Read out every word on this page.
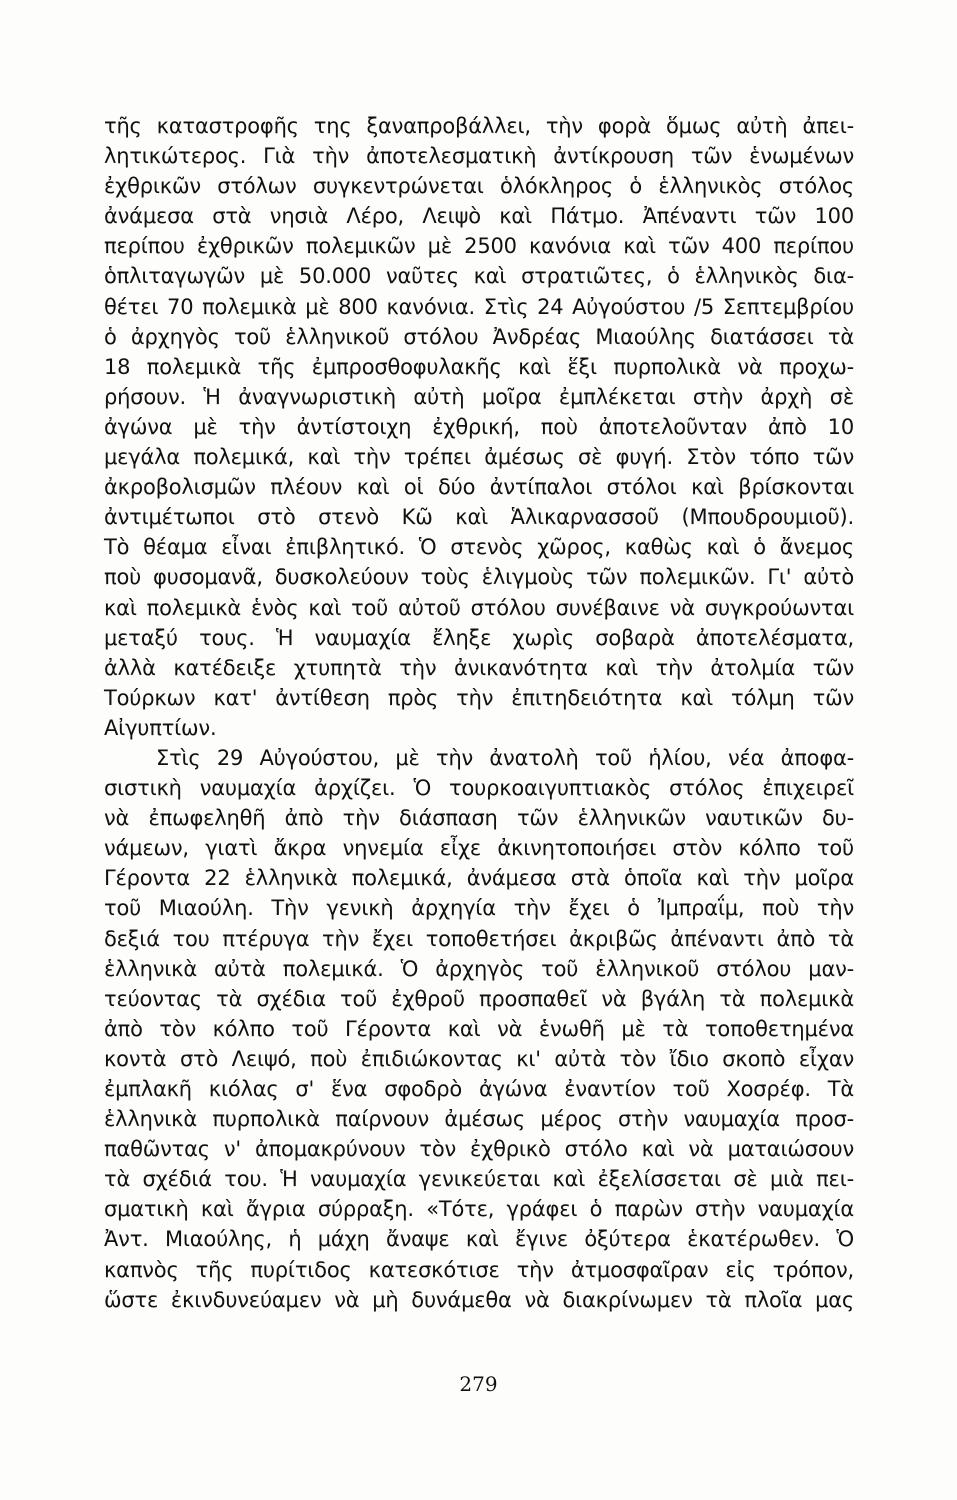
τῆς καταστροφῆς της ξαναπροβάλλει, τὴν φορὰ ὅμως αὐτὴ ἀπει-
λητικώτερος. Γιὰ τὴν ἀποτελεσματικὴ ἀντίκρουση τῶν ἑνωμένων
ἐχθρικῶν στόλων συγκεντρώνεται ὁλόκληρος ὁ ἑλληνικὸς στόλος
ἀνάμεσα στὰ νησιὰ Λέρο, Λειψὸ καὶ Πάτμο. Ἀπέναντι τῶν 100
περίπου ἐχθρικῶν πολεμικῶν μὲ 2500 κανόνια καὶ τῶν 400 περίπου
ὁπλιταγωγῶν μὲ 50.000 ναῦτες καὶ στρατιῶτες, ὁ ἑλληνικὸς δια-
θέτει 70 πολεμικὰ μὲ 800 κανόνια. Στὶς 24 Αὐγούστου /5 Σεπτεμβρίου
ὁ ἀρχηγὸς τοῦ ἑλληνικοῦ στόλου Ἀνδρέας Μιαούλης διατάσσει τὰ
18 πολεμικὰ τῆς ἐμπροσθοφυλακῆς καὶ ἕξι πυρπολικὰ νὰ προχω-
ρήσουν. Ἡ ἀναγνωριστικὴ αὐτὴ μοῖρα ἐμπλέκεται στὴν ἀρχὴ σὲ
ἀγώνα μὲ τὴν ἀντίστοιχη ἐχθρική, ποὺ ἀποτελοῦνταν ἀπὸ 10
μεγάλα πολεμικά, καὶ τὴν τρέπει ἀμέσως σὲ φυγή. Στὸν τόπο τῶν
ἀκροβολισμῶν πλέουν καὶ οἱ δύο ἀντίπαλοι στόλοι καὶ βρίσκονται
ἀντιμέτωποι στὸ στενὸ Κῶ καὶ Ἁλικαρνασσοῦ (Μπουδρουμιοῦ).
Τὸ θέαμα εἶναι ἐπιβλητικό. Ὁ στενὸς χῶρος, καθὼς καὶ ὁ ἄνεμος
ποὺ φυσομανᾶ, δυσκολεύουν τοὺς ἑλιγμοὺς τῶν πολεμικῶν. Γι' αὐτὸ
καὶ πολεμικὰ ἑνὸς καὶ τοῦ αὐτοῦ στόλου συνέβαινε νὰ συγκρούωνται
μεταξύ τους. Ἡ ναυμαχία ἔληξε χωρὶς σοβαρὰ ἀποτελέσματα,
ἀλλὰ κατέδειξε χτυπητὰ τὴν ἀνικανότητα καὶ τὴν ἀτολμία τῶν
Τούρκων κατ' ἀντίθεση πρὸς τὴν ἐπιτηδειότητα καὶ τόλμη τῶν
Αἰγυπτίων.
Στὶς 29 Αὐγούστου, μὲ τὴν ἀνατολὴ τοῦ ἡλίου, νέα ἀποφα-
σιστικὴ ναυμαχία ἀρχίζει. Ὁ τουρκοαιγυπτιακὸς στόλος ἐπιχειρεῖ
νὰ ἐπωφεληθῆ ἀπὸ τὴν διάσπαση τῶν ἑλληνικῶν ναυτικῶν δυ-
νάμεων, γιατὶ ἄκρα νηνεμία εἶχε ἀκινητοποιήσει στὸν κόλπο τοῦ
Γέροντα 22 ἑλληνικὰ πολεμικά, ἀνάμεσα στὰ ὁποῖα καὶ τὴν μοῖρα
τοῦ Μιαούλη. Τὴν γενικὴ ἀρχηγία τὴν ἔχει ὁ Ἰμπραΐμ, ποὺ τὴν
δεξιά του πτέρυγα τὴν ἔχει τοποθετήσει ἀκριβῶς ἀπέναντι ἀπὸ τὰ
ἑλληνικὰ αὐτὰ πολεμικά. Ὁ ἀρχηγὸς τοῦ ἑλληνικοῦ στόλου μαν-
τεύοντας τὰ σχέδια τοῦ ἐχθροῦ προσπαθεῖ νὰ βγάλη τὰ πολεμικὰ
ἀπὸ τὸν κόλπο τοῦ Γέροντα καὶ νὰ ἑνωθῆ μὲ τὰ τοποθετημένα
κοντὰ στὸ Λειψό, ποὺ ἐπιδιώκοντας κι' αὐτὰ τὸν ἴδιο σκοπὸ εἶχαν
ἐμπλακῆ κιόλας σ' ἕνα σφοδρὸ ἀγώνα ἐναντίον τοῦ Χοσρέφ. Τὰ
ἑλληνικὰ πυρπολικὰ παίρνουν ἀμέσως μέρος στὴν ναυμαχία προσ-
παθῶντας ν' ἀπομακρύνουν τὸν ἐχθρικὸ στόλο καὶ νὰ ματαιώσουν
τὰ σχέδιά του. Ἡ ναυμαχία γενικεύεται καὶ ἐξελίσσεται σὲ μιὰ πει-
σματικὴ καὶ ἄγρια σύρραξη. «Τότε, γράφει ὁ παρὼν στὴν ναυμαχία
Ἀντ. Μιαούλης, ἡ μάχη ἄναψε καὶ ἔγινε ὀξύτερα ἑκατέρωθεν. Ὁ
καπνὸς τῆς πυρίτιδος κατεσκότισε τὴν ἀτμοσφαῖραν εἰς τρόπον,
ὥστε ἐκινδυνεύαμεν νὰ μὴ δυνάμεθα νὰ διακρίνωμεν τὰ πλοῖα μας
279
